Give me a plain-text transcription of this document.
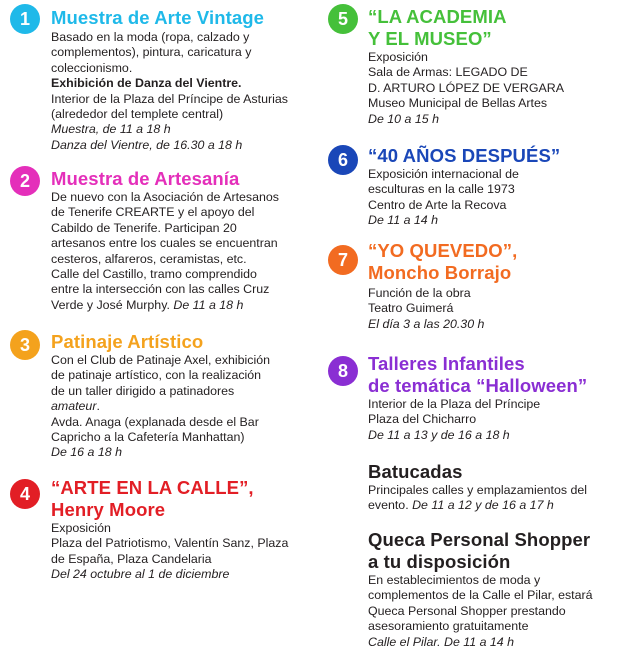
1	Muestra de Arte Vintage
Basado en la moda (ropa, calzado y
complementos), pintura, caricatura y
coleccionismo.
Exhibición de Danza del Vientre.
Interior de la Plaza del Príncipe de Asturias
(alrededor del templete central)
Muestra, de 11 a 18 h
Danza del Vientre, de 16.30 a 18 h
2	Muestra de Artesanía
De nuevo con la Asociación de Artesanos
de Tenerife CREARTE y el apoyo del
Cabildo de Tenerife. Participan 20
artesanos entre los cuales se encuentran
cesteros, alfareros, ceramistas, etc.
Calle del Castillo, tramo comprendido
entre la intersección con las calles Cruz
Verde y José Murphy. De 11 a 18 h
3	Patinaje Artístico
Con el Club de Patinaje Axel, exhibición
de patinaje artístico, con la realización
de un taller dirigido a patinadores
amateur.
Avda. Anaga (explanada desde el Bar
Capricho a la Cafetería Manhattan)
De 16 a 18 h
4	“ARTE EN LA CALLE”,
Henry Moore
Exposición
Plaza del Patriotismo, Valentín Sanz, Plaza
de España, Plaza Candelaria
Del 24 octubre al 1 de diciembre
5	“LA ACADEMIA
Y EL MUSEO”
Exposición
Sala de Armas: LEGADO DE
D. ARTURO LÓPEZ DE VERGARA
Museo Municipal de Bellas Artes
De 10 a 15 h
6	“40 AÑOS DESPUÉS”
Exposición internacional de
esculturas en la calle 1973
Centro de Arte la Recova
De 11 a 14 h
7	“YO QUEVEDO”,
Moncho Borrajo
Función de la obra
Teatro Guimerá
El día 3 a las 20.30 h
8	Talleres Infantiles
de temática “Halloween”
Interior de la Plaza del Príncipe
Plaza del Chicharro
De 11 a 13 y de 16 a 18 h
Batucadas
Principales calles y emplazamientos del
evento. De 11 a 12 y de 16 a 17 h
Queca Personal Shopper
a tu disposición
En establecimientos de moda y
complementos de la Calle el Pilar, estará
Queca Personal Shopper prestando
asesoramiento gratuitamente
Calle el Pilar. De 11 a 14 h
